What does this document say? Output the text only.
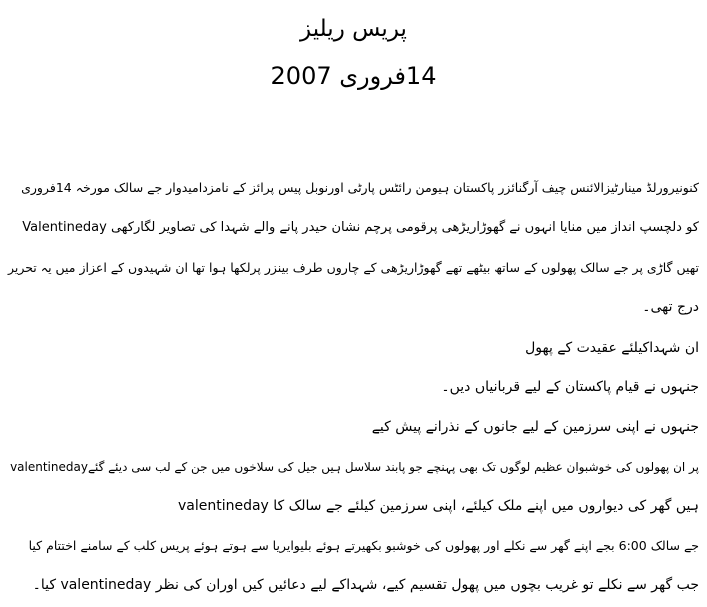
پریس ریلیز
14فروری 2007
کنونیرورلڈ مینارٹیزالائنس چیف آرگنائزر پاکستان ہیومن رائٹس پارٹی اورنوبل پیس پرائز کے نامزدامیدوار جے سالک مورخہ 14فروری
Valentineday کو دلچسپ انداز میں منایا انہوں نے گھوڑاریڑھی پرقومی پرچم نشان حیدر پانے والے شہدا کی تصاویر لگارکھی
تھیں گاڑی پر جے سالک پھولوں کے ساتھ بیٹھے تھے گھوڑاریڑھی کے چاروں طرف بینزر پرلکھا ہوا تھا ان شہیدوں کے اعزاز میں یہ تحریر
درج تھی۔
ان شہداکیلئے عقیدت کے پھول
جنہوں نے قیام پاکستان کے لیے قربانیاں دیں۔
جنہوں نے اپنی سرزمین کے لیے جانوں کے نذرانے پیش کیے
valentinedayپر ان پھولوں کی خوشبوان عظیم لوگوں تک بھی پہنچے جو پابند سلاسل ہیں جیل کی سلاخوں میں جن کے لب سی دیئے گئے
ہیں گھر کی دیواروں میں اپنے ملک کیلئے، اپنی سرزمین کیلئے جے سالک کا valentineday
جے سالک 6:00 بجے اپنے گھر سے نکلے اور پھولوں کی خوشبو بکھیرتے ہوئے بلیوایریا سے ہوتے ہوئے پریس کلب کے سامنے اختتام کیا
جب گھر سے نکلے تو غریب بچوں میں پھول تقسیم کیے، شہداکے لیے دعائیں کیں اوران کی نظر valentineday کیا۔
